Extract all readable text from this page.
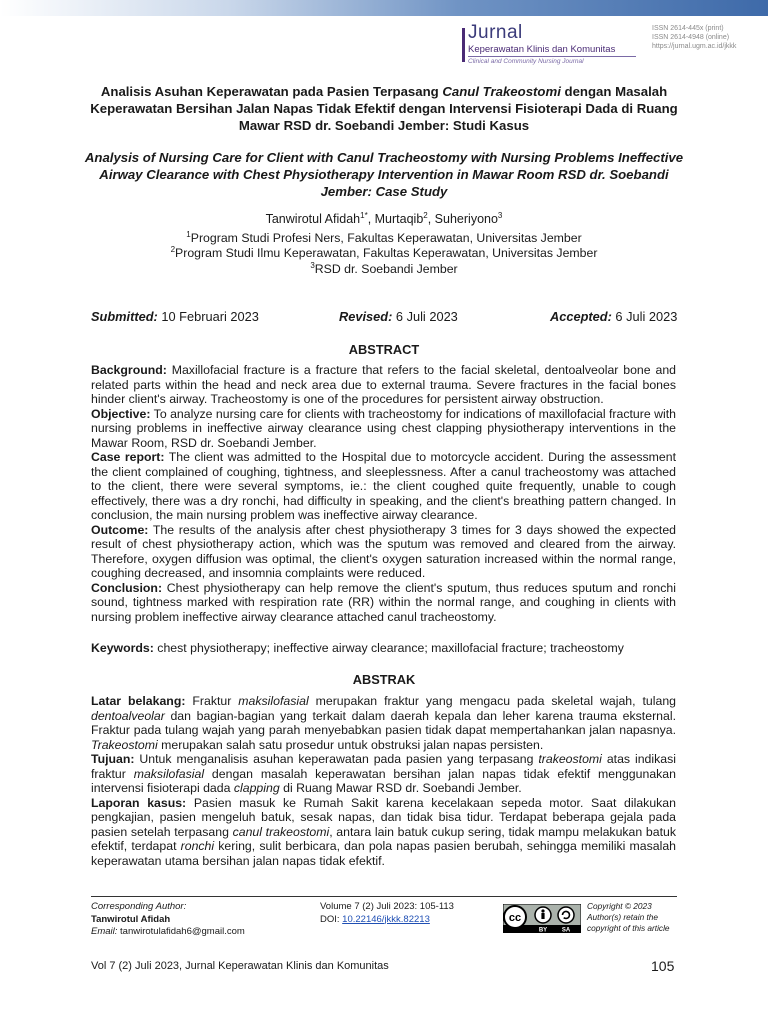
Jurnal
Keperawatan Klinis dan Komunitas
Clinical and Community Nursing Journal
ISSN 2614-445x (print)
ISSN 2614-4948 (online)
https://jurnal.ugm.ac.id/jkkk
Analisis Asuhan Keperawatan pada Pasien Terpasang Canul Trakeostomi dengan Masalah Keperawatan Bersihan Jalan Napas Tidak Efektif dengan Intervensi Fisioterapi Dada di Ruang Mawar RSD dr. Soebandi Jember: Studi Kasus
Analysis of Nursing Care for Client with Canul Tracheostomy with Nursing Problems Ineffective Airway Clearance with Chest Physiotherapy Intervention in Mawar Room RSD dr. Soebandi Jember: Case Study
Tanwirotul Afidah$^{1*}$, Murtaqib$^2$, Suheriyono$^3$
$^1$Program Studi Profesi Ners, Fakultas Keperawatan, Universitas Jember
$^2$Program Studi Ilmu Keperawatan, Fakultas Keperawatan, Universitas Jember
$^3$RSD dr. Soebandi Jember
Submitted: 10 Februari 2023	Revised: 6 Juli 2023	Accepted: 6 Juli 2023
ABSTRACT

Background: Maxillofacial fracture is a fracture that refers to the facial skeletal, dentoalveolar bone and related parts within the head and neck area due to external trauma. Severe fractures in the facial bones hinder client's airway. Tracheostomy is one of the procedures for persistent airway obstruction.

Objective: To analyze nursing care for clients with tracheostomy for indications of maxillofacial fracture with nursing problems in ineffective airway clearance using chest clapping physiotherapy interventions in the Mawar Room, RSD dr. Soebandi Jember.

Case report: The client was admitted to the Hospital due to motorcycle accident. During the assessment the client complained of coughing, tightness, and sleeplessness. After a canul tracheostomy was attached to the client, there were several symptoms, ie.: the client coughed quite frequently, unable to cough effectively, there was a dry ronchi, had difficulty in speaking, and the client's breathing pattern changed. In conclusion, the main nursing problem was ineffective airway clearance.

Outcome: The results of the analysis after chest physiotherapy 3 times for 3 days showed the expected result of chest physiotherapy action, which was the sputum was removed and cleared from the airway. Therefore, oxygen diffusion was optimal, the client's oxygen saturation increased within the normal range, coughing decreased, and insomnia complaints were reduced.

Conclusion: Chest physiotherapy can help remove the client's sputum, thus reduces sputum and ronchi sound, tightness marked with respiration rate (RR) within the normal range, and coughing in clients with nursing problem ineffective airway clearance attached canul tracheostomy.

Keywords: chest physiotherapy; ineffective airway clearance; maxillofacial fracture; tracheostomy
ABSTRAK

Latar belakang: Fraktur maksilofasial merupakan fraktur yang mengacu pada skeletal wajah, tulang dentoalveolar dan bagian-bagian yang terkait dalam daerah kepala dan leher karena trauma eksternal. Fraktur pada tulang wajah yang parah menyebabkan pasien tidak dapat mempertahankan jalan napasnya. Trakeostomi merupakan salah satu prosedur untuk obstruksi jalan napas persisten.

Tujuan: Untuk menganalisis asuhan keperawatan pada pasien yang terpasang trakeostomi atas indikasi fraktur maksilofasial dengan masalah keperawatan bersihan jalan napas tidak efektif menggunakan intervensi fisioterapi dada clapping di Ruang Mawar RSD dr. Soebandi Jember.

Laporan kasus: Pasien masuk ke Rumah Sakit karena kecelakaan sepeda motor. Saat dilakukan pengkajian, pasien mengeluh batuk, sesak napas, dan tidak bisa tidur. Terdapat beberapa gejala pada pasien setelah terpasang canul trakeostomi, antara lain batuk cukup sering, tidak mampu melakukan batuk efektif, terdapat ronchi kering, sulit berbicara, dan pola napas pasien berubah, sehingga memiliki masalah keperawatan utama bersihan jalan napas tidak efektif.

Corresponding Author:
Tanwirotul Afidah
Email: tanwirotulafidah6@gmail.com
Volume 7 (2) Juli 2023: 105-113
DOI: 10.22146/jkkk.82213	cc
BY SA
Copyright © 2023
Author(s) retain the
copyright of this article
Vol 7 (2) Juli 2023, Jurnal Keperawatan Klinis dan Komunitas	105
